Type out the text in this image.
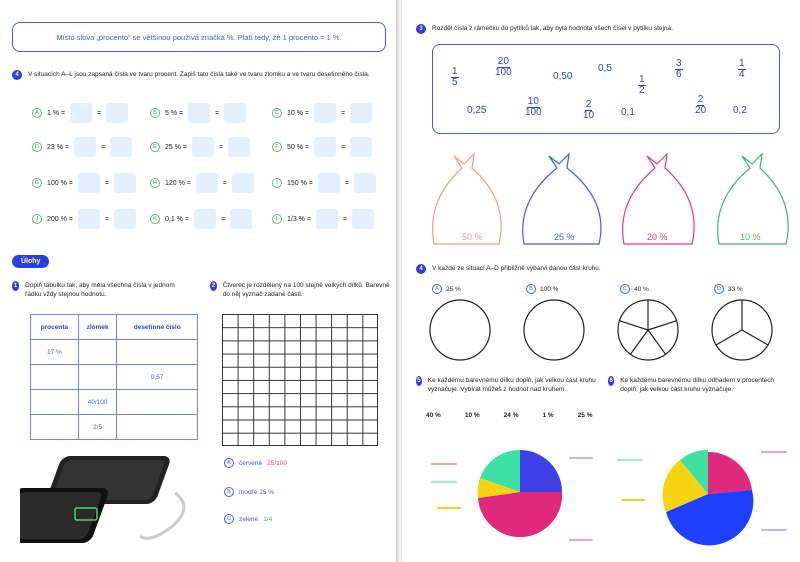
Místo slova „procento“ se většinou používá značka %. Platí tedy, že 1 procento = 1 %.
4	V situacích A–L jsou zapsaná čísla ve tvaru procent. Zapiš tato čísla také ve tvaru zlomku a ve tvaru desetinného čísla.
A	1 % =	=	B	5 % =	=	C	10 % =	=
D	23 % =	=	E	25 % =	=	F	50 % =	=
G	100 % =	=	H	120 % =	=	I	150 % =	=
J	200 % =	=	K	0,1 % =	=	L	1/3 % =	=
Úlohy
1 Doplň tabulku tak, aby měla všechna čísla v jednom řádku vždy stejnou hodnotu.
procenta	zlomek	desetinné číslo
17 %		
		0,57
	40/100	
	2/5	
2 Čtverec je rozdělený na 100 stejně velkých dílků. Barevně do něj vyznač zadané části.
A	červeně 25/100
B	modře 25 %
C	zeleně 1/4
3	Rozděl čísla z rámečku do pytlíků tak, aby byla hodnota všech čísel v pytlíku stejná.
$\frac{1}{5}$	$\frac{20}{100}$	0,50
0,5
$\frac{1}{2}$
$\frac{3}{6}$	$\frac{1}{4}$
0,25	$\frac{10}{100}$	$\frac{2}{10}$	0,1	$\frac{2}{20}$	0,2
50 %	25 %	20 %	10 %
4	V každé ze situací A–D přibližně vybarvi danou část kruhu.
A	25 %	B	100 %	C	40 %	D	33 %
5 Ke každému barevnému dílku doplň, jak velkou část kruhu vyznačuje. Vybírat můžeš z hodnot nad kruhem.
40 %	10 %	24 %	1 %	25 %
6 Ke každému barevnému dílku odhadem v procentech doplň, jak velkou část kruhu vyznačuje.
